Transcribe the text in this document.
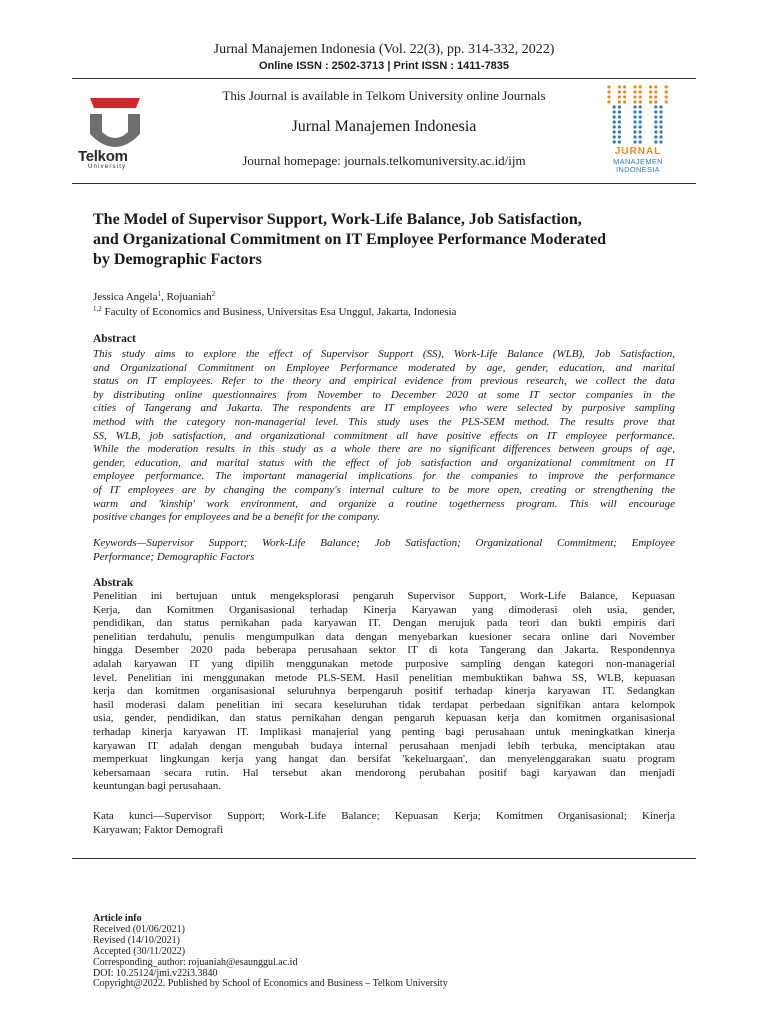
Jurnal Manajemen Indonesia (Vol. 22(3), pp. 314-332, 2022)
Online ISSN : 2502-3713 | Print ISSN : 1411-7835
Telkom
University
This Journal is available in Telkom University online Journals
Jurnal Manajemen Indonesia
Journal homepage: journals.telkomuniversity.ac.id/ijm
JURNAL
MANAJEMEN
INDONESIA
The Model of Supervisor Support, Work-Life Balance, Job Satisfaction,
and Organizational Commitment on IT Employee Performance Moderated
by Demographic Factors
Jessica Angela$^1$, Rojuaniah$^2$
$^{1,2}$ Faculty of Economics and Business, Universitas Esa Unggul, Jakarta, Indonesia
Abstract
This study aims to explore the effect of Supervisor Support (SS), Work-Life Balance (WLB), Job Satisfaction,
and Organizational Commitment on Employee Performance moderated by age, gender, education, and marital
status on IT employees. Refer to the theory and empirical evidence from previous research, we collect the data
by distributing online questionnaires from November to December 2020 at some IT sector companies in the
cities of Tangerang and Jakarta. The respondents are IT employees who were selected by purposive sampling
method with the category non-managerial level. This study uses the PLS-SEM method. The results prove that
SS, WLB, job satisfaction, and organizational commitment all have positive effects on IT employee performance.
While the moderation results in this study as a whole there are no significant differences between groups of age,
gender, education, and marital status with the effect of job satisfaction and organizational commitment on IT
employee performance. The important managerial implications for the companies to improve the performance
of IT employees are by changing the company's internal culture to be more open, creating or strengthening the
warm and 'kinship' work environment, and organize a routine togetherness program. This will encourage
positive changes for employees and be a benefit for the company.
Keywords—Supervisor Support; Work-Life Balance; Job Satisfaction; Organizational Commitment; Employee
Performance; Demographic Factors
Abstrak
Penelitian ini bertujuan untuk mengeksplorasi pengaruh Supervisor Support, Work-Life Balance, Kepuasan
Kerja, dan Komitmen Organisasional terhadap Kinerja Karyawan yang dimoderasi oleh usia, gender,
pendidikan, dan status pernikahan pada karyawan IT. Dengan merujuk pada teori dan bukti empiris dari
penelitian terdahulu, penulis mengumpulkan data dengan menyebarkan kuesioner secara online dari November
hingga Desember 2020 pada beberapa perusahaan sektor IT di kota Tangerang dan Jakarta. Respondennya
adalah karyawan IT yang dipilih menggunakan metode purposive sampling dengan kategori non-managerial
level. Penelitian ini menggunakan metode PLS-SEM. Hasil penelitian membuktikan bahwa SS, WLB, kepuasan
kerja dan komitmen organisasional seluruhnya berpengaruh positif terhadap kinerja karyawan IT. Sedangkan
hasil moderasi dalam penelitian ini secara keseluruhan tidak terdapat perbedaan signifikan antara kelompok
usia, gender, pendidikan, dan status pernikahan dengan pengaruh kepuasan kerja dan komitmen organisasional
terhadap kinerja karyawan IT. Implikasi manajerial yang penting bagi perusahaan untuk meningkatkan kinerja
karyawan IT adalah dengan mengubah budaya internal perusahaan menjadi lebih terbuka, menciptakan atau
memperkuat lingkungan kerja yang hangat dan bersifat 'kekeluargaan', dan menyelenggarakan suatu program
kebersamaan secara rutin. Hal tersebut akan mendorong perubahan positif bagi karyawan dan menjadi
keuntungan bagi perusahaan.
Kata kunci—Supervisor Support; Work-Life Balance; Kepuasan Kerja; Komitmen Organisasional; Kinerja
Karyawan; Faktor Demografi
Article info
Received (01/06/2021)
Revised (14/10/2021)
Accepted (30/11/2022)
Corresponding_author: rojuaniah@esaunggul.ac.id
DOI: 10.25124/jmi.v22i3.3840
Copyright@2022. Published by School of Economics and Business – Telkom University
